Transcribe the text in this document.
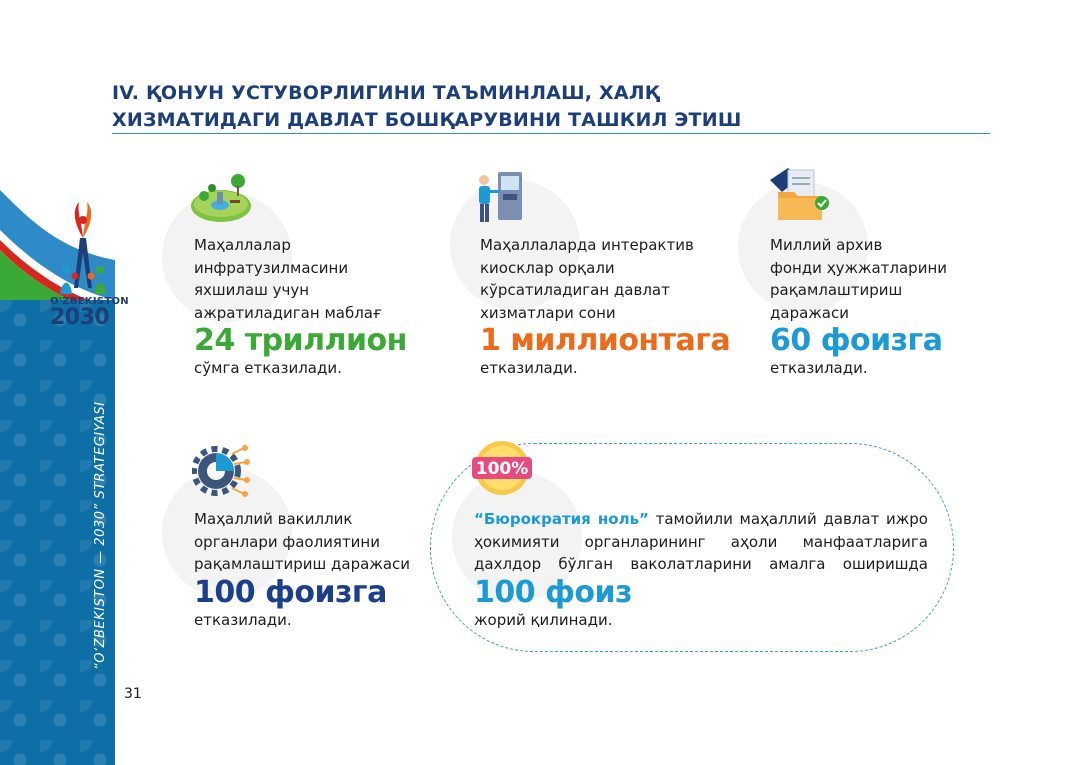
“O‘ZBEKISTON — 2030” STRATEGIYASI
O'ZBEKISTON
2030
31
IV. ҚОНУН УСТУВОРЛИГИНИ ТАЪМИНЛАШ, ХАЛҚ
ХИЗМАТИДАГИ ДАВЛАТ БОШҚАРУВИНИ ТАШКИЛ ЭТИШ
100%
Маҳаллалар
инфратузилмасини
яхшилаш учун
ажратиладиган маблағ
24 триллион
сўмга етказилади.
Маҳаллаларда интерактив
киосклар орқали
кўрсатиладиган давлат
хизматлари сони
1 миллионтага
етказилади.
Миллий архив
фонди ҳужжатларини
рақамлаштириш
даражаси
60 фоизга
етказилади.
Маҳаллий вакиллик
органлари фаолиятини
рақамлаштириш даражаси
100 фоизга
етказилади.
“Бюрократия ноль” тамойили маҳаллий давлат ижро
ҳокимияти органларининг аҳоли манфаатларига
дахлдор бўлган ваколатларини амалга оширишда
100 фоиз
жорий қилинади.
